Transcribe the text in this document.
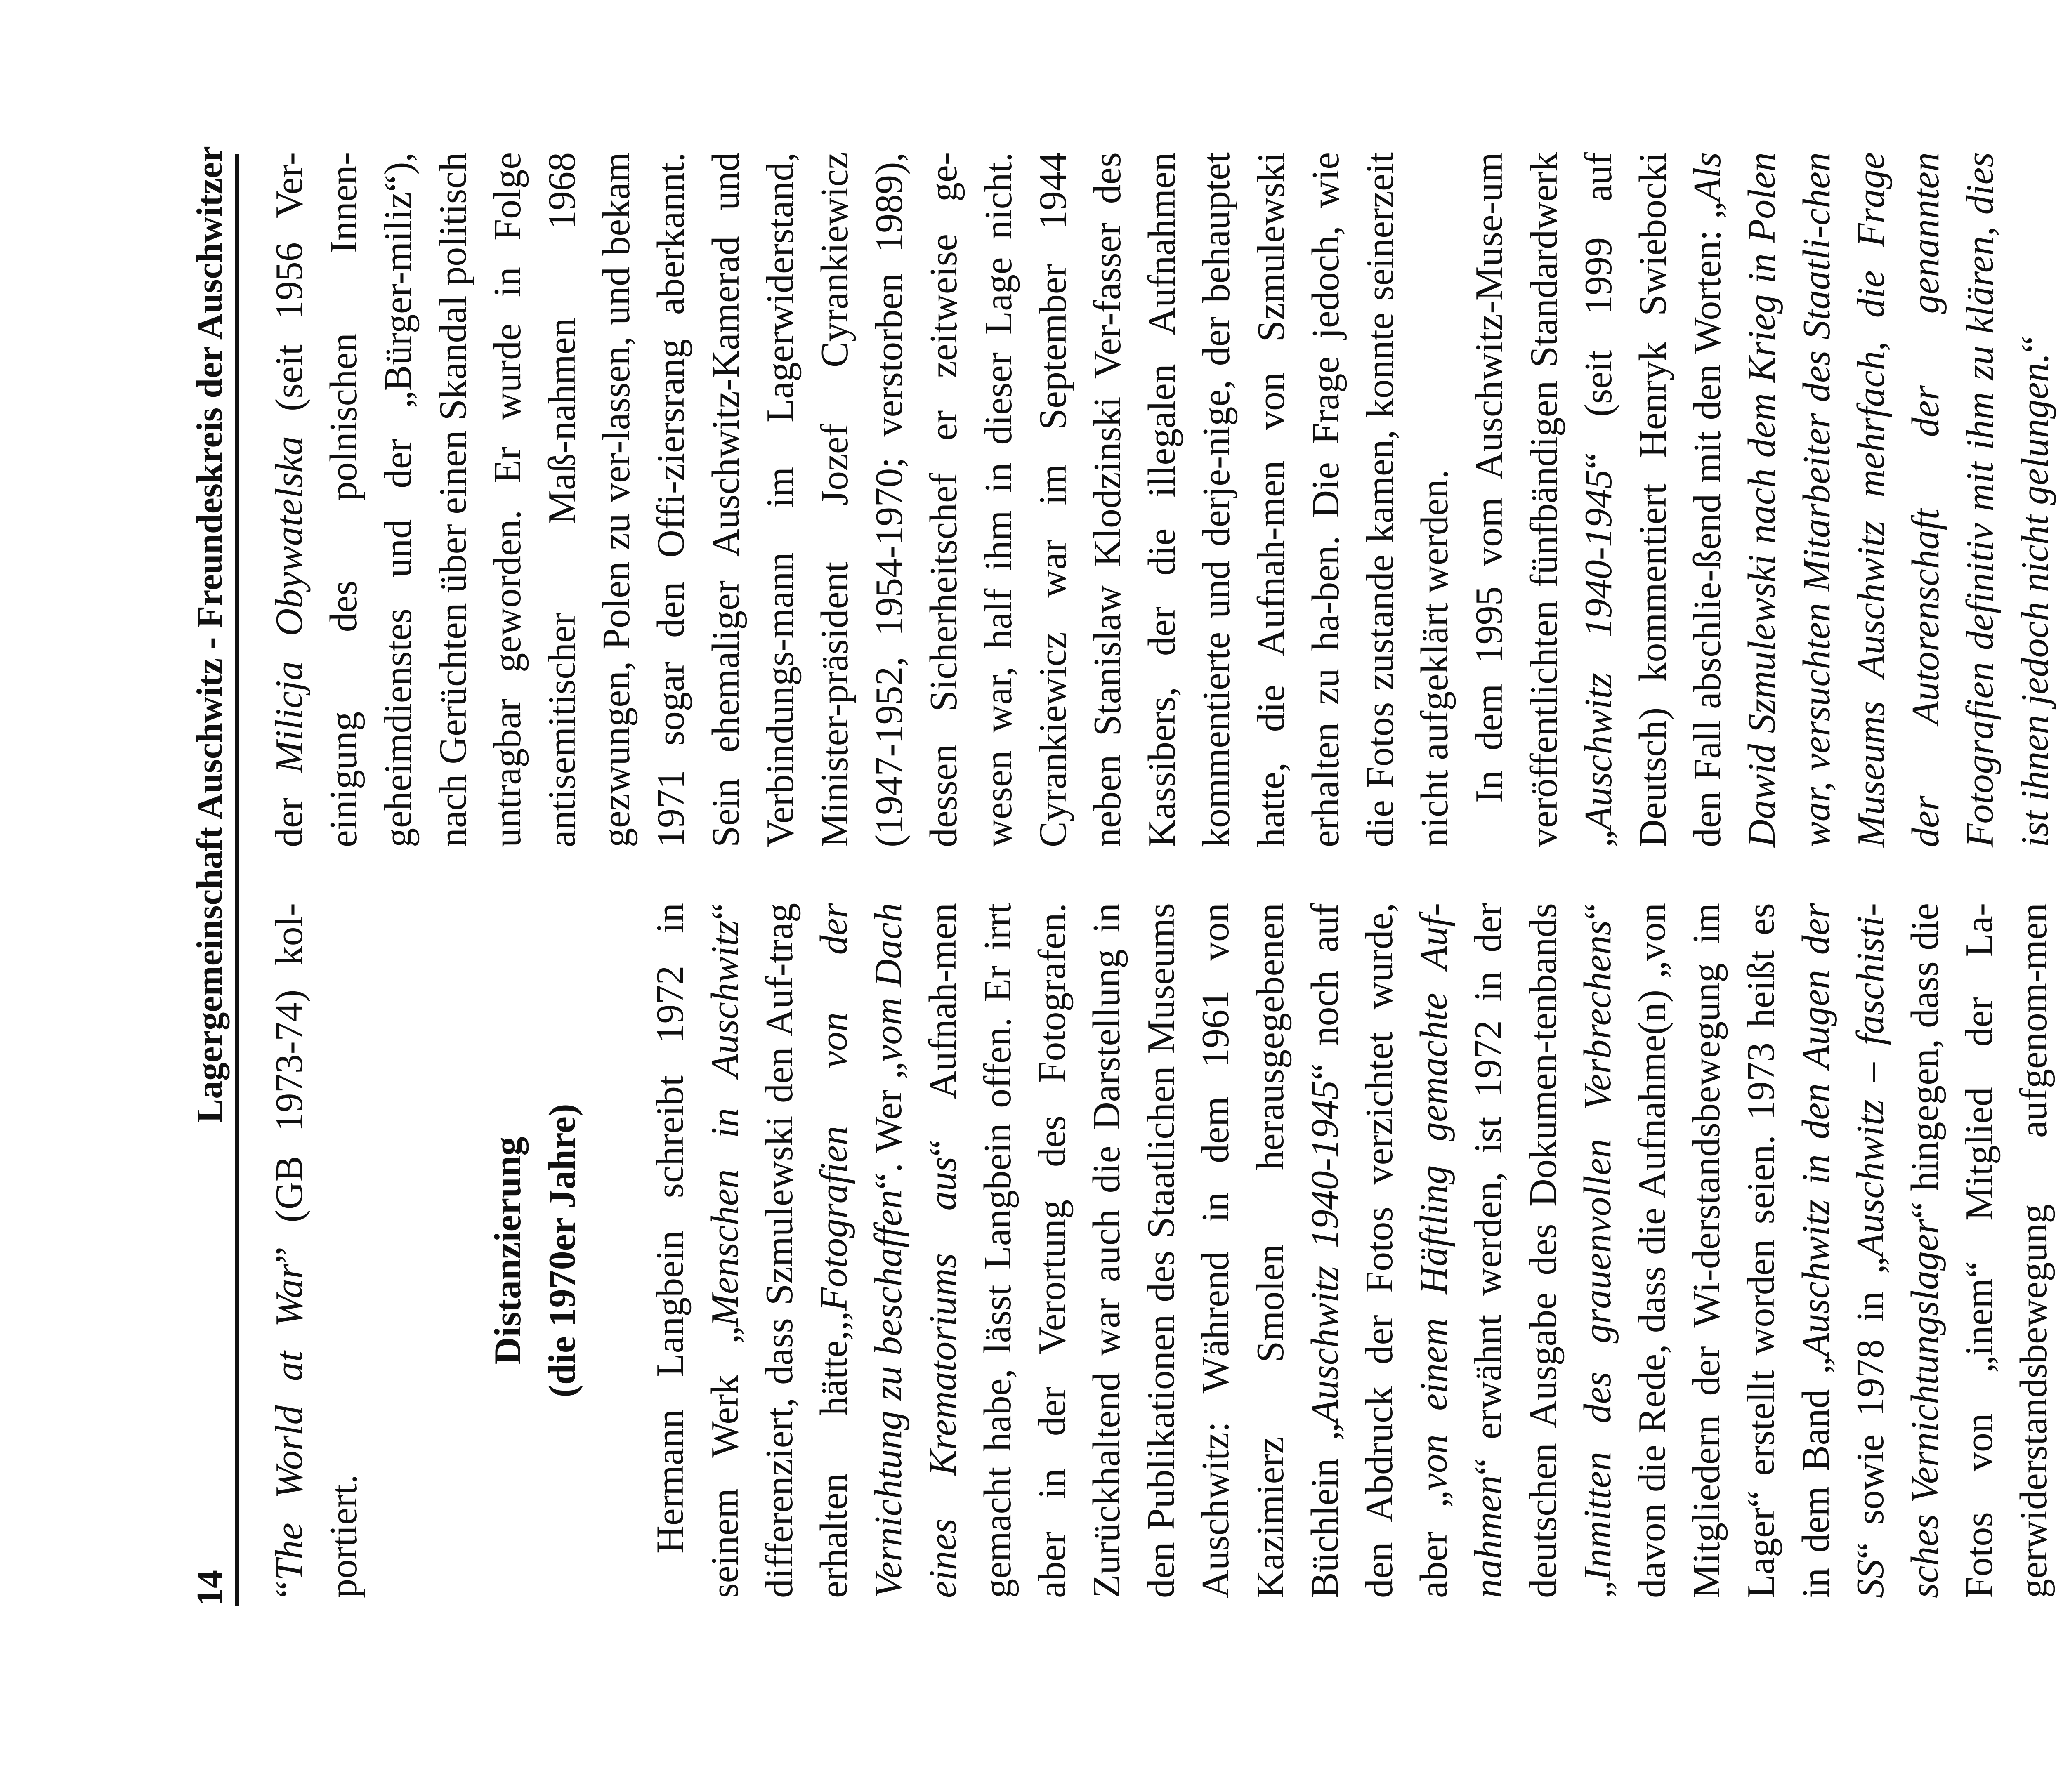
14
Lagergemeinschaft Auschwitz - Freundeskreis der Auschwitzer

“The World at War” (GB 1973-74) kol-portiert.

Distanzierung (die 1970er Jahre) Hermann Langbein schreibt 1972 in seinem Werk „Menschen in Auschwitz“ differenziert, dass Szmulewski den Auf-trag erhalten hätte,,,Fotografien von der Vernichtung zu beschaffen“. Wer „vom Dach eines Krematoriums aus“ Aufnah-men gemacht habe, lässt Langbein offen. Er irrt aber in der Verortung des Fotografen. Zurückhaltend war auch die Darstellung in den Publikationen des Staatlichen Museums Auschwitz: Während in dem 1961 von Kazimierz Smolen herausgegebenen Büchlein „Auschwitz 1940-1945“ noch auf den Abdruck der Fotos verzichtet wurde, aber „von einem Häftling gemachte Auf-nahmen“ erwähnt werden, ist 1972 in der deutschen Ausgabe des Dokumen-tenbands „Inmitten des grauenvollen Verbrechens“ davon die Rede, dass die Aufnahme(n) „von Mitgliedern der Wi-derstandsbewegung im Lager“ erstellt worden seien. 1973 heißt es in dem Band „Auschwitz in den Augen der SS“ sowie 1978 in „Auschwitz – faschisti-sches Vernichtungslager“ hingegen, dass die Fotos von „inem“ Mitglied der La-gerwiderstandsbewegung aufgenom-men

der Milicja Obywatelska (seit 1956 Ver-einigung des polnischen Innen-geheimdienstes und der „Bürger-miliz“), nach Gerüchten über einen Skandal politisch untragbar geworden. Er wurde in Folge antisemitischer Maß-nahmen 1968 gezwungen, Polen zu ver-lassen, und bekam 1971 sogar den Offi-ziersrang aberkannt. Sein ehemaliger Auschwitz-Kamerad und Verbindungs-mann im Lagerwiderstand, Minister-präsident Jozef Cyrankiewicz (1947-1952, 1954-1970; verstorben 1989), dessen Sicherheitschef er zeitweise ge-wesen war, half ihm in dieser Lage nicht. Cyrankiewicz war im September 1944 neben Stanislaw Klodzinski Ver-fasser des Kassibers, der die illegalen Aufnahmen kommentierte und derje-nige, der behauptet hatte, die Aufnah-men von Szmulewski erhalten zu ha-ben. Die Frage jedoch, wie die Fotos zustande kamen, konnte seinerzeit nicht aufgeklärt werden. In dem 1995 vom Auschwitz-Muse-um veröffentlichten fünfbändigen Standardwerk „Auschwitz 1940-1945“ (seit 1999 auf Deutsch) kommentiert Henryk Swiebocki den Fall abschlie-ßend mit den Worten: „Als Dawid Szmulewski nach dem Krieg in Polen war, versuchten Mitarbeiter des Staatli-chen Museums Auschwitz mehrfach, die Frage der Autorenschaft der genannten Fotografien definitiv mit ihm zu klären, dies ist ihnen jedoch nicht gelungen.“
